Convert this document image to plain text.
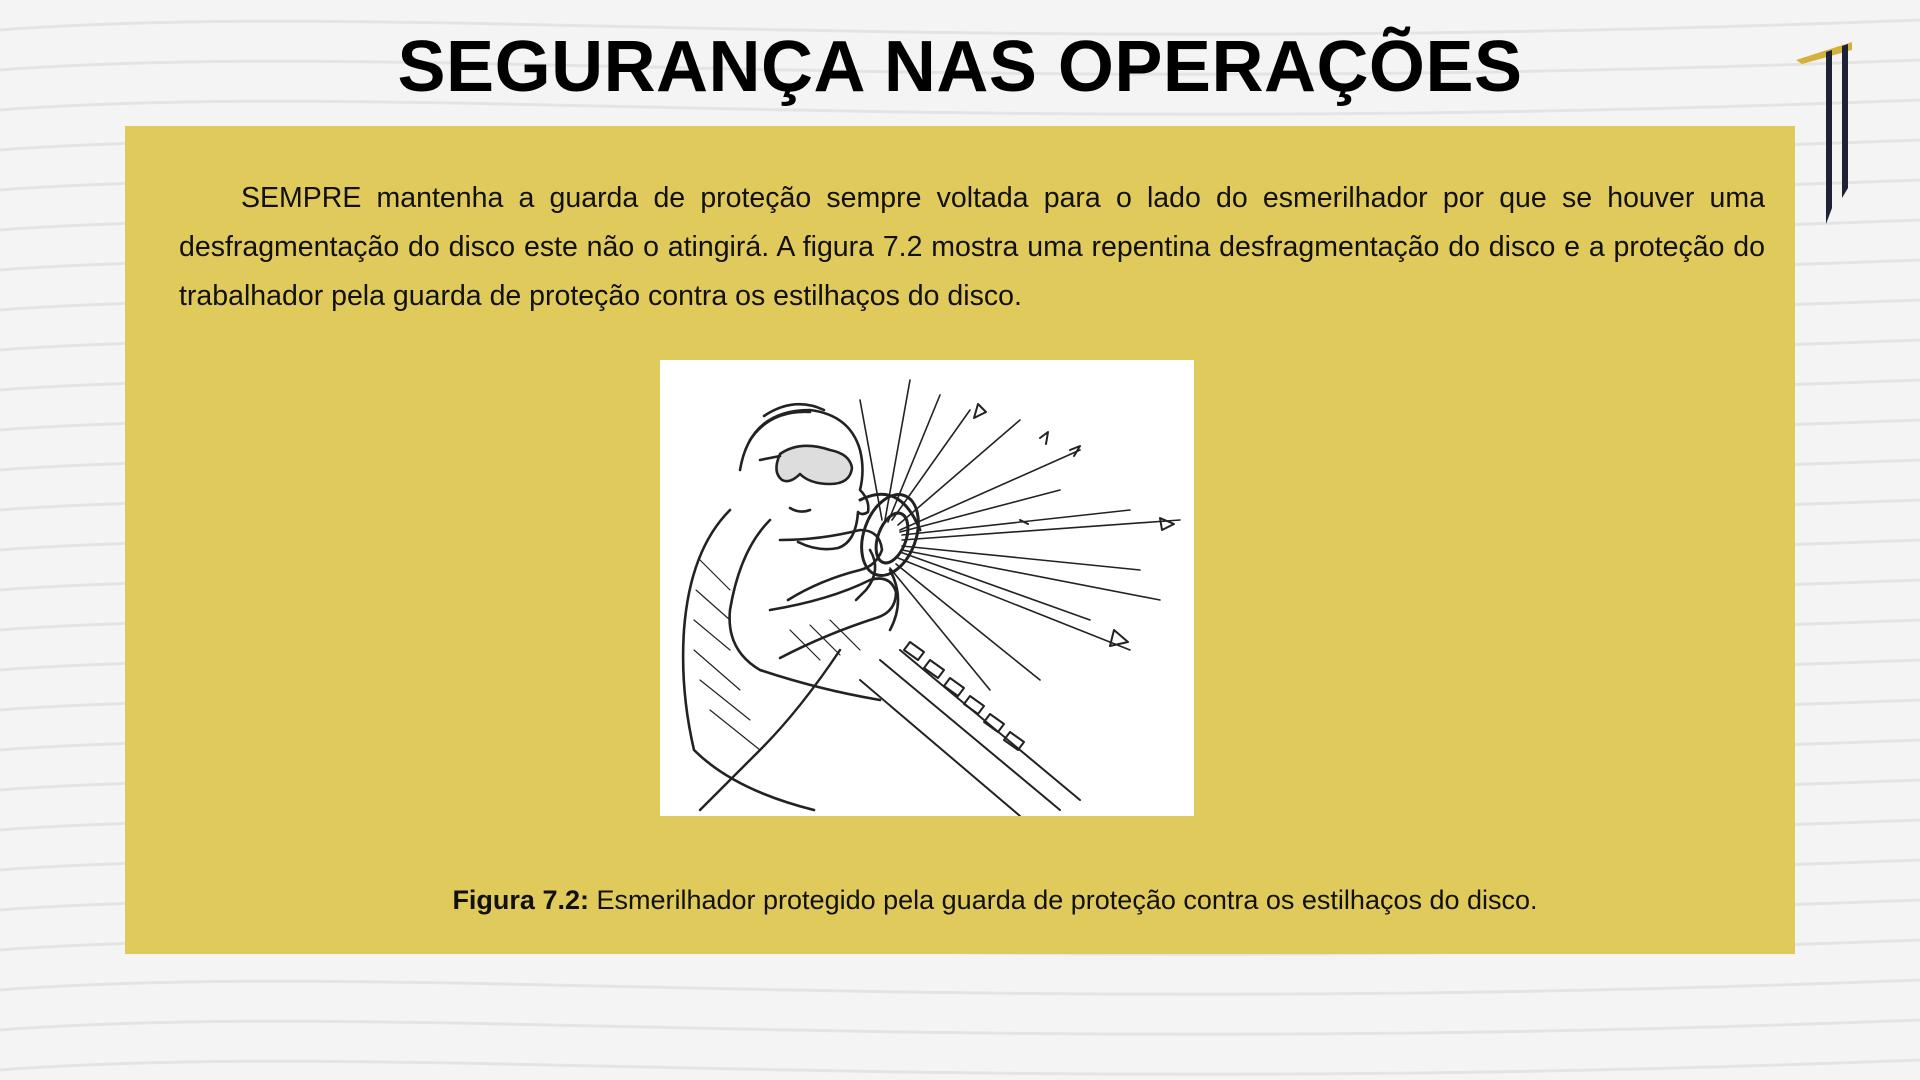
SEGURANÇA NAS OPERAÇÕES

SEMPRE mantenha a guarda de proteção sempre voltada para o lado do esmerilhador por que se houver uma desfragmentação do disco este não o atingirá. A figura 7.2 mostra uma repentina desfragmentação do disco e a proteção do trabalhador pela guarda de proteção contra os estilhaços do disco.

Figura 7.2: Esmerilhador protegido pela guarda de proteção contra os estilhaços do disco.
